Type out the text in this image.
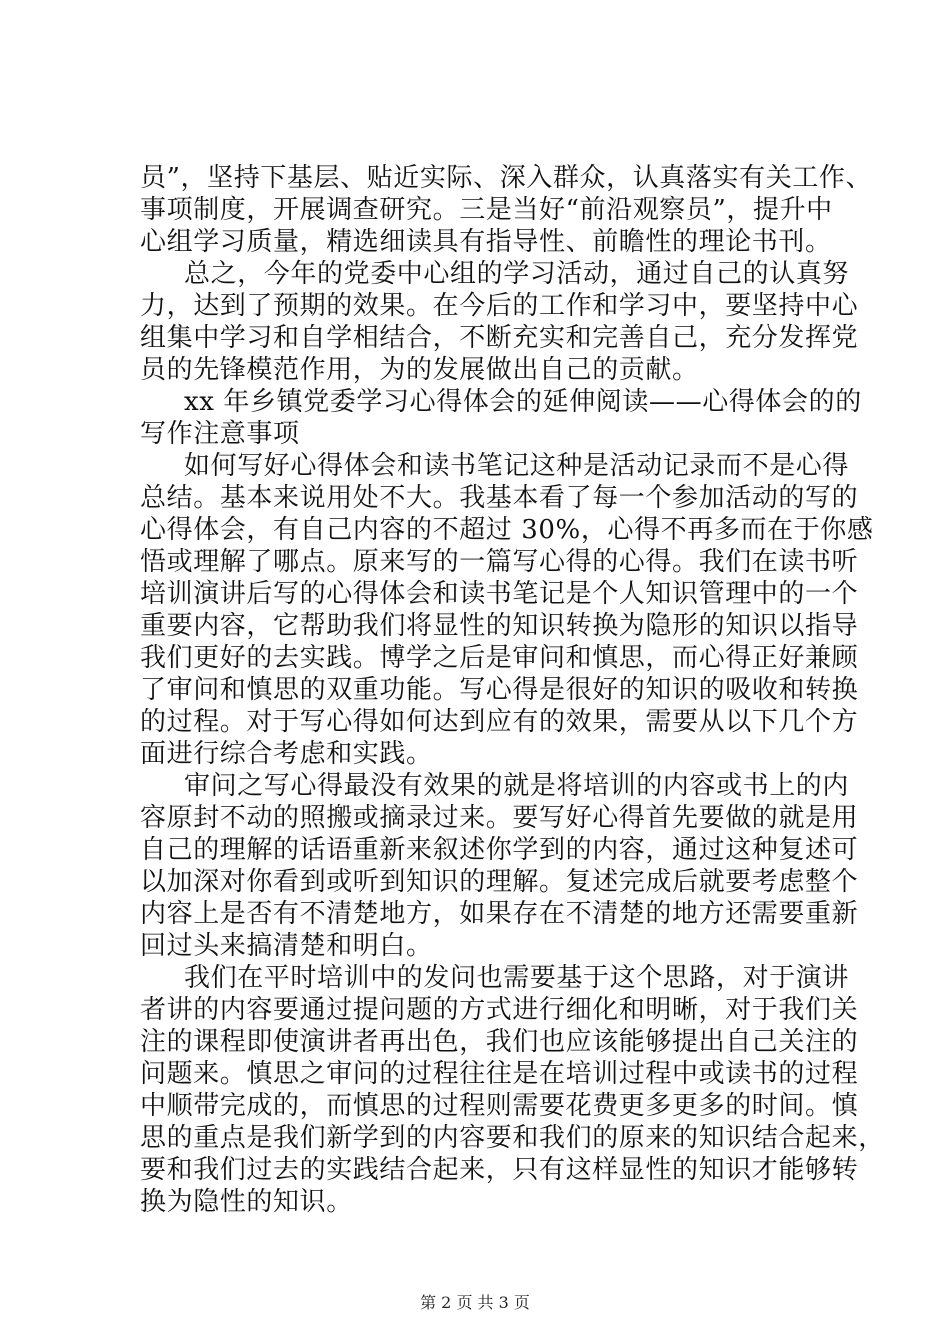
员”，坚持下基层、贴近实际、深入群众，认真落实有关工作、
事项制度，开展调查研究。三是当好“前沿观察员”，提升中
心组学习质量，精选细读具有指导性、前瞻性的理论书刊。
总之，今年的党委中心组的学习活动，通过自己的认真努
力，达到了预期的效果。在今后的工作和学习中，要坚持中心
组集中学习和自学相结合，不断充实和完善自己，充分发挥党
员的先锋模范作用，为的发展做出自己的贡献。
xx 年乡镇党委学习心得体会的延伸阅读——心得体会的的
写作注意事项
如何写好心得体会和读书笔记这种是活动记录而不是心得
总结。基本来说用处不大。我基本看了每一个参加活动的写的
心得体会，有自己内容的不超过 30%，心得不再多而在于你感
悟或理解了哪点。原来写的一篇写心得的心得。我们在读书听
培训演讲后写的心得体会和读书笔记是个人知识管理中的一个
重要内容，它帮助我们将显性的知识转换为隐形的知识以指导
我们更好的去实践。博学之后是审问和慎思，而心得正好兼顾
了审问和慎思的双重功能。写心得是很好的知识的吸收和转换
的过程。对于写心得如何达到应有的效果，需要从以下几个方
面进行综合考虑和实践。
审问之写心得最没有效果的就是将培训的内容或书上的内
容原封不动的照搬或摘录过来。要写好心得首先要做的就是用
自己的理解的话语重新来叙述你学到的内容，通过这种复述可
以加深对你看到或听到知识的理解。复述完成后就要考虑整个
内容上是否有不清楚地方，如果存在不清楚的地方还需要重新
回过头来搞清楚和明白。
我们在平时培训中的发问也需要基于这个思路，对于演讲
者讲的内容要通过提问题的方式进行细化和明晰，对于我们关
注的课程即使演讲者再出色，我们也应该能够提出自己关注的
问题来。慎思之审问的过程往往是在培训过程中或读书的过程
中顺带完成的，而慎思的过程则需要花费更多更多的时间。慎
思的重点是我们新学到的内容要和我们的原来的知识结合起来，
要和我们过去的实践结合起来，只有这样显性的知识才能够转
换为隐性的知识。
第 2 页 共 3 页
